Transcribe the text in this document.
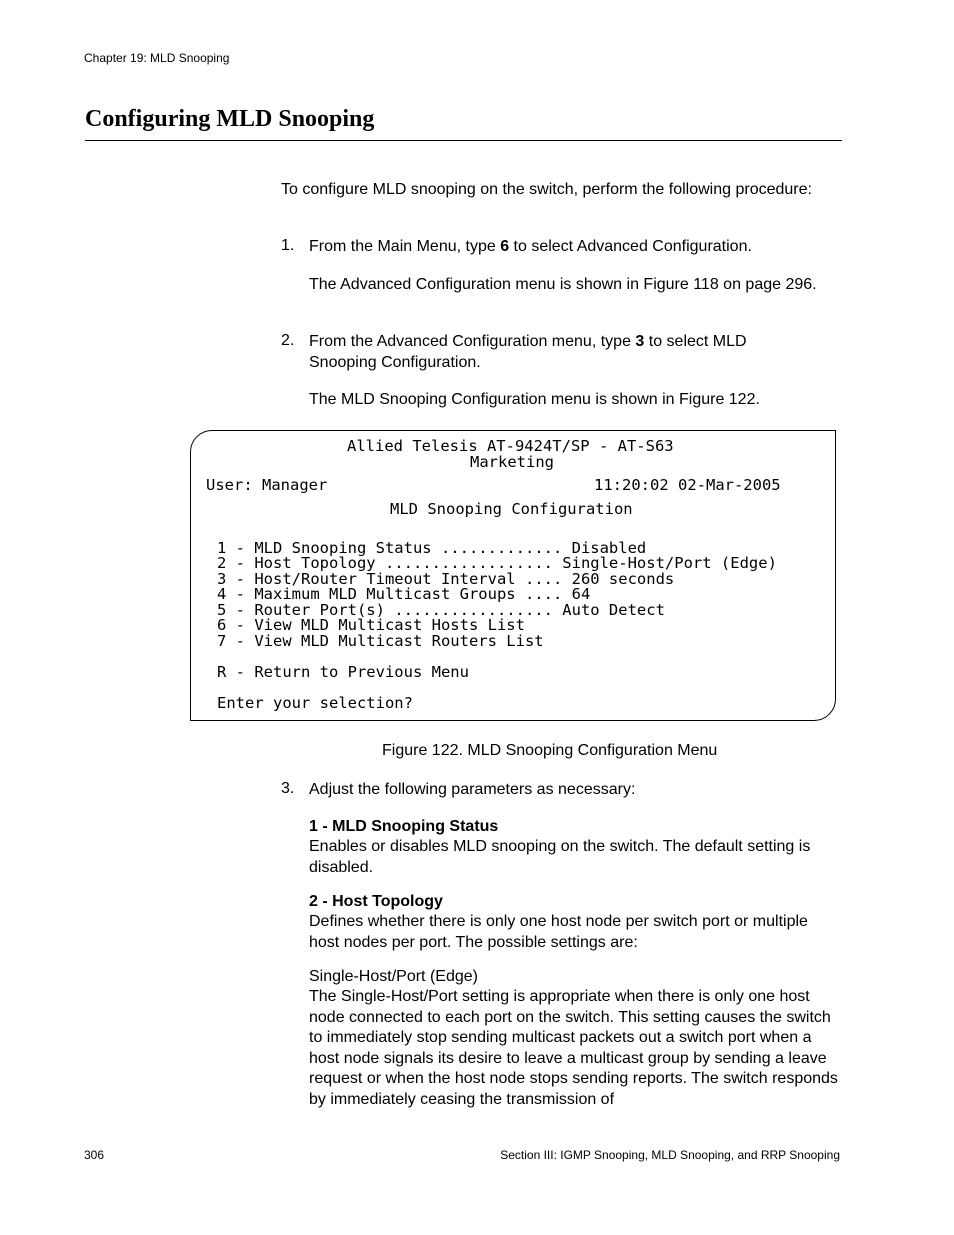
Chapter 19: MLD Snooping
Configuring MLD Snooping

To configure MLD snooping on the switch, perform the following procedure:

1. From the Main Menu, type 6 to select Advanced Configuration.

The Advanced Configuration menu is shown in Figure 118 on page 296.

2. From the Advanced Configuration menu, type 3 to select MLD Snooping Configuration.

The MLD Snooping Configuration menu is shown in Figure 122.

Allied Telesis AT-9424T/SP - AT-S63
Marketing
User: Manager	11:20:02 02-Mar-2005
MLD Snooping Configuration
1 - MLD Snooping Status ............. Disabled
2 - Host Topology .................. Single-Host/Port (Edge)
3 - Host/Router Timeout Interval .... 260 seconds
4 - Maximum MLD Multicast Groups .... 64
5 - Router Port(s) ................. Auto Detect
6 - View MLD Multicast Hosts List
7 - View MLD Multicast Routers List
R - Return to Previous Menu
Enter your selection?
Figure 122. MLD Snooping Configuration Menu
3. Adjust the following parameters as necessary:

1 - MLD Snooping Status

Enables or disables MLD snooping on the switch. The default setting is disabled.

2 - Host Topology

Defines whether there is only one host node per switch port or multiple host nodes per port. The possible settings are:

Single-Host/Port (Edge)

The Single-Host/Port setting is appropriate when there is only one host node connected to each port on the switch. This setting causes the switch to immediately stop sending multicast packets out a switch port when a host node signals its desire to leave a multicast group by sending a leave request or when the host node stops sending reports. The switch responds by immediately ceasing the transmission of

306	Section III: IGMP Snooping, MLD Snooping, and RRP Snooping
